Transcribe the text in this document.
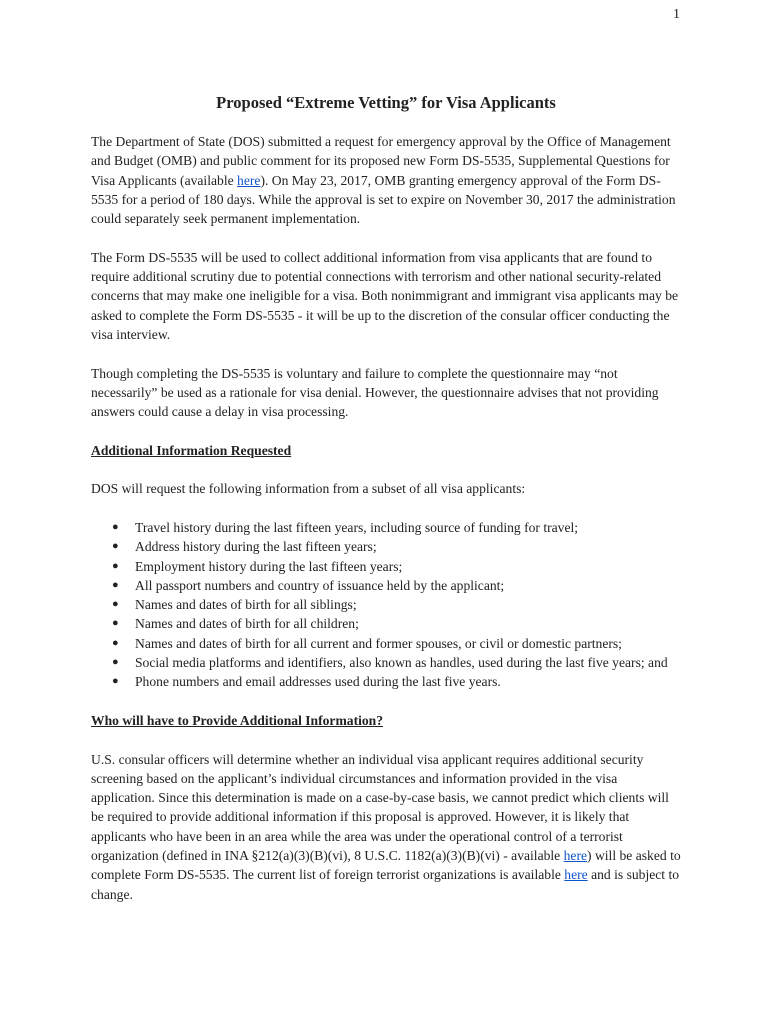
1
Proposed “Extreme Vetting” for Visa Applicants

The Department of State (DOS) submitted a request for emergency approval by the Office of Management and Budget (OMB) and public comment for its proposed new Form DS-5535, Supplemental Questions for Visa Applicants (available here). On May 23, 2017, OMB granting emergency approval of the Form DS-5535 for a period of 180 days. While the approval is set to expire on November 30, 2017 the administration could separately seek permanent implementation.

The Form DS-5535 will be used to collect additional information from visa applicants that are found to require additional scrutiny due to potential connections with terrorism and other national security-related concerns that may make one ineligible for a visa. Both nonimmigrant and immigrant visa applicants may be asked to complete the Form DS-5535 - it will be up to the discretion of the consular officer conducting the visa interview.

Though completing the DS-5535 is voluntary and failure to complete the questionnaire may “not necessarily” be used as a rationale for visa denial. However, the questionnaire advises that not providing answers could cause a delay in visa processing.

Additional Information Requested

DOS will request the following information from a subset of all visa applicants:

● Travel history during the last fifteen years, including source of funding for travel;
● Address history during the last fifteen years;
● Employment history during the last fifteen years;
● All passport numbers and country of issuance held by the applicant;
● Names and dates of birth for all siblings;
● Names and dates of birth for all children;
● Names and dates of birth for all current and former spouses, or civil or domestic partners;
● Social media platforms and identifiers, also known as handles, used during the last five years; and
● Phone numbers and email addresses used during the last five years.
Who will have to Provide Additional Information?

U.S. consular officers will determine whether an individual visa applicant requires additional security screening based on the applicant’s individual circumstances and information provided in the visa application. Since this determination is made on a case-by-case basis, we cannot predict which clients will be required to provide additional information if this proposal is approved. However, it is likely that applicants who have been in an area while the area was under the operational control of a terrorist organization (defined in INA §212(a)(3)(B)(vi), 8 U.S.C. 1182(a)(3)(B)(vi) - available here) will be asked to complete Form DS-5535. The current list of foreign terrorist organizations is available here and is subject to change.
